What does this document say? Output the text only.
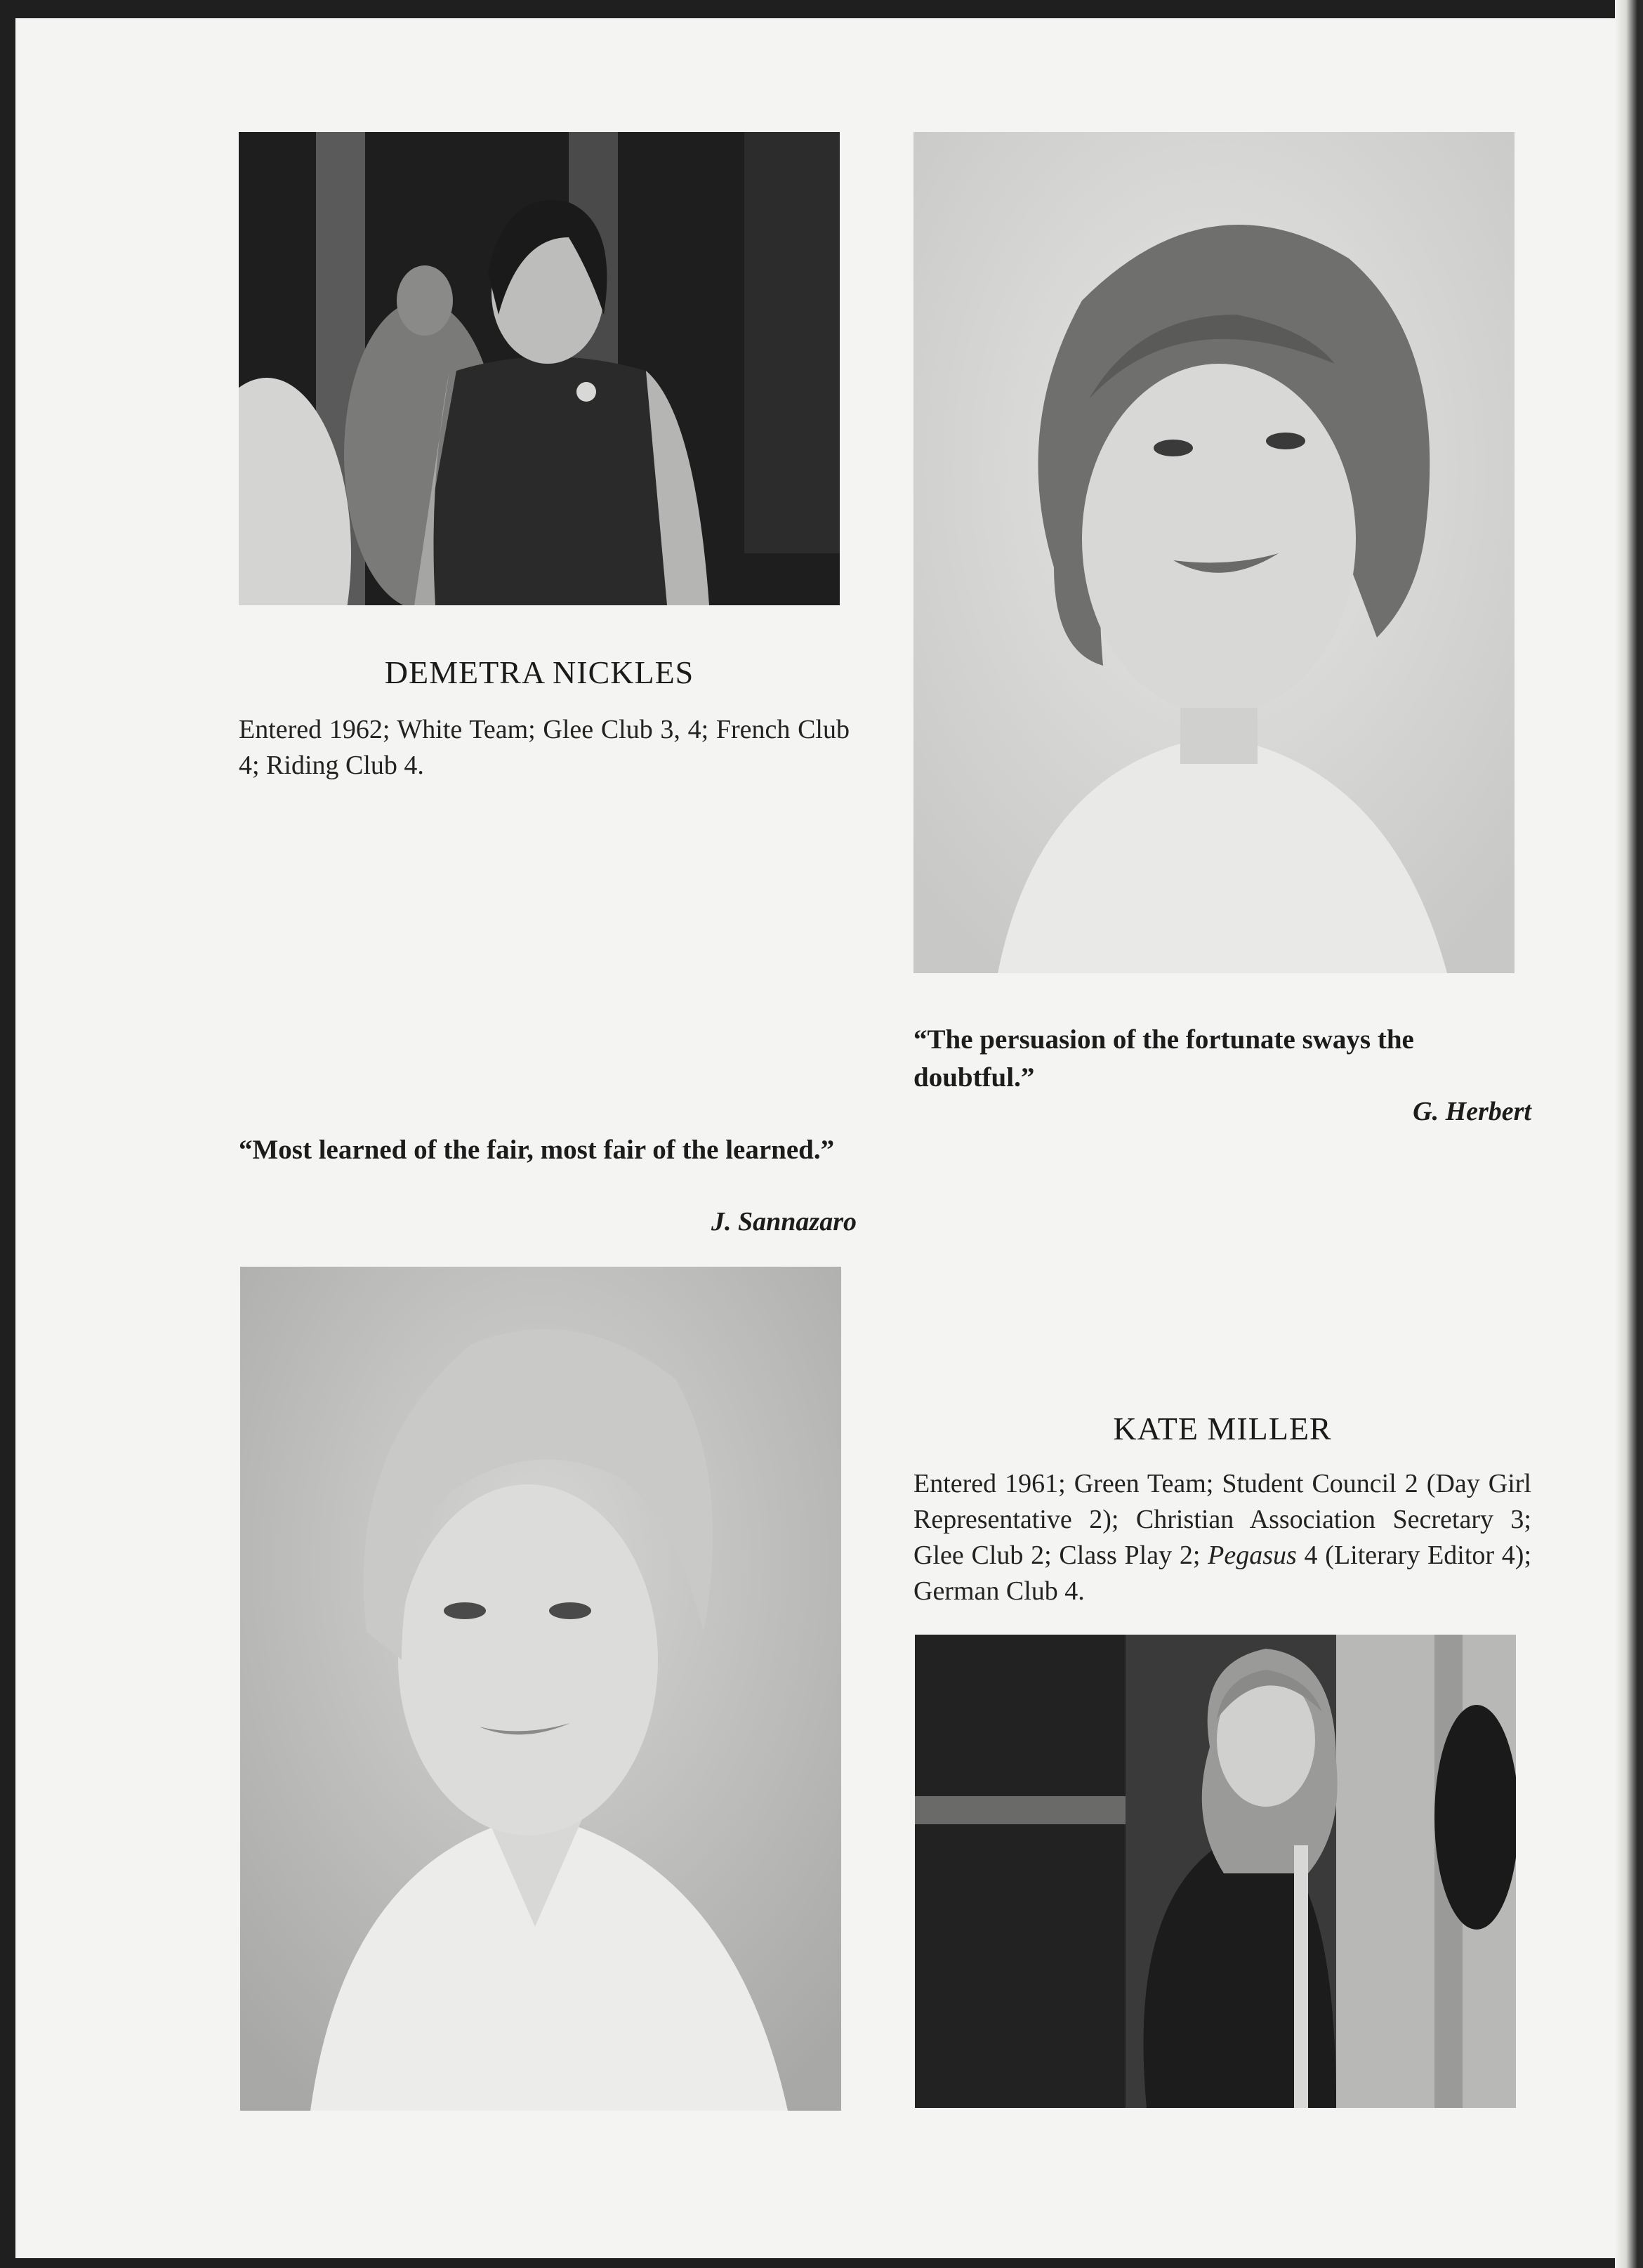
DEMETRA NICKLES
Entered 1962; White Team; Glee Club 3, 4; French Club 4; Riding Club 4.
“The persuasion of the fortunate sways the doubtful.”
G. Herbert
“Most learned of the fair, most fair of the learned.”
J. Sannazaro
KATE MILLER
Entered 1961; Green Team; Student Council 2 (Day Girl Representative 2); Christian Association Secretary 3; Glee Club 2; Class Play 2; Pegasus 4 (Literary Editor 4); German Club 4.
